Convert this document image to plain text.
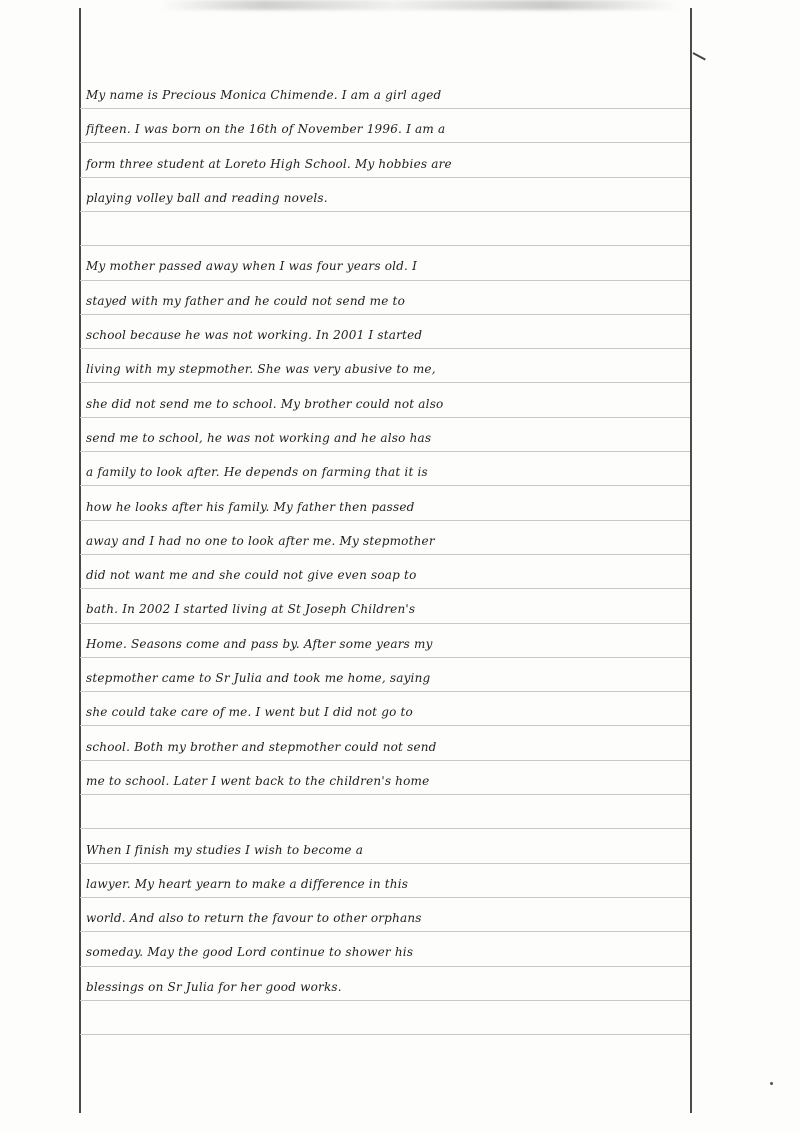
My name is Precious Monica Chimende. I am a girl aged
fifteen. I was born on the 16th of November 1996. I am a
form three student at Loreto High School. My hobbies are
playing volley ball and reading novels.
My mother passed away when I was four years old. I
stayed with my father and he could not send me to
school because he was not working. In 2001 I started
living with my stepmother. She was very abusive to me,
she did not send me to school. My brother could not also
send me to school, he was not working and he also has
a family to look after. He depends on farming that it is
how he looks after his family. My father then passed
away and I had no one to look after me. My stepmother
did not want me and she could not give even soap to
bath. In 2002 I started living at St Joseph Children's
Home. Seasons come and pass by. After some years my
stepmother came to Sr Julia and took me home, saying
she could take care of me. I went but I did not go to
school. Both my brother and stepmother could not send
me to school. Later I went back to the children's home
When I finish my studies I wish to become a
lawyer. My heart yearn to make a difference in this
world. And also to return the favour to other orphans
someday. May the good Lord continue to shower his
blessings on Sr Julia for her good works.
